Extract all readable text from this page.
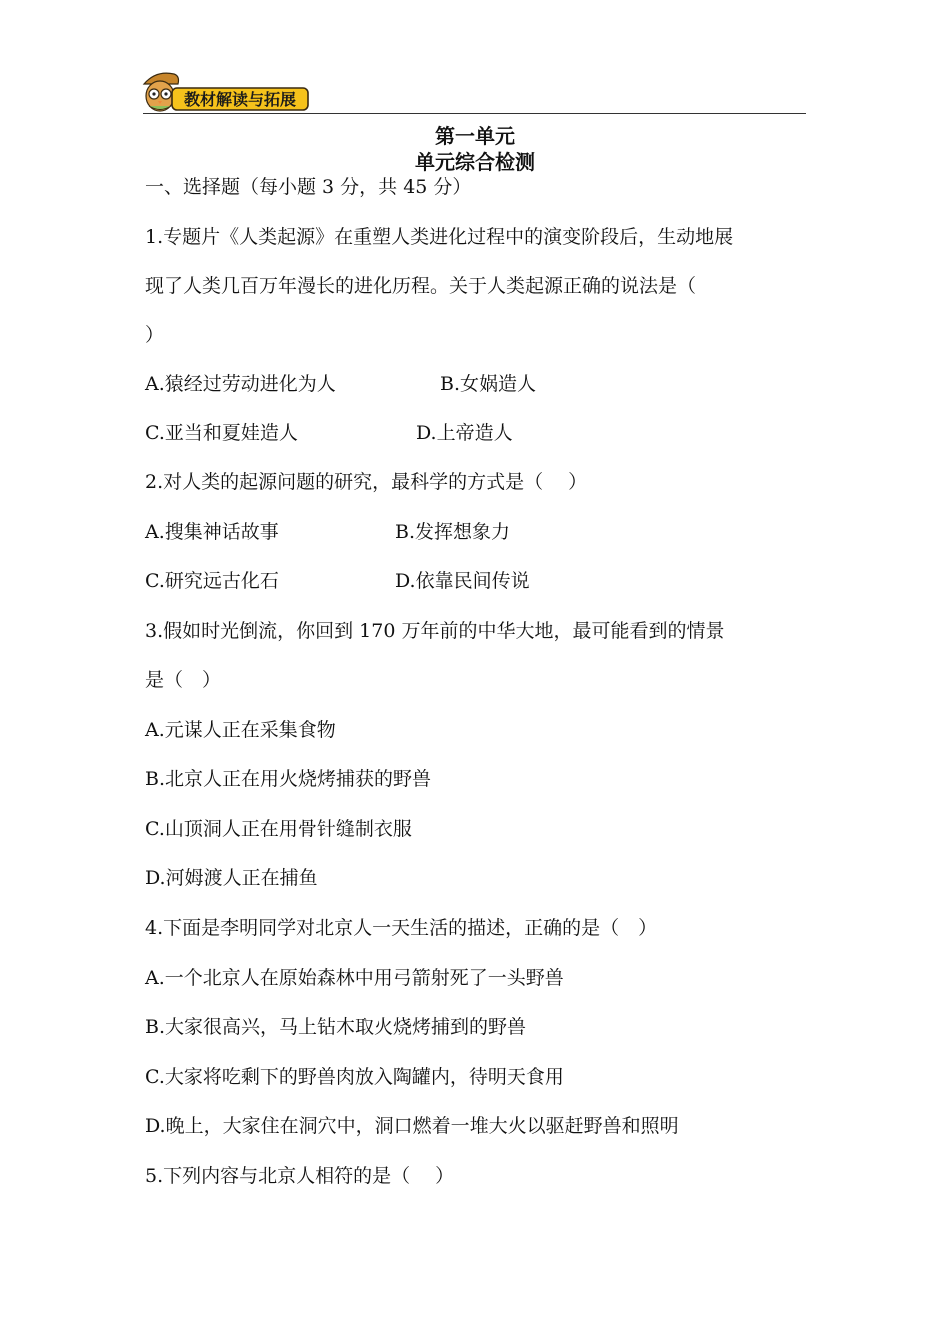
教材解读与拓展
第一单元
单元综合检测
一、选择题（每小题 3 分，共 45 分）
1.专题片《人类起源》在重塑人类进化过程中的演变阶段后，生动地展
现了人类几百万年漫长的进化历程。关于人类起源正确的说法是（
）
A.猿经过劳动进化为人	B.女娲造人
C.亚当和夏娃造人	D.上帝造人
2.对人类的起源问题的研究，最科学的方式是（　 ）
A.搜集神话故事	B.发挥想象力
C.研究远古化石	D.依靠民间传说
3.假如时光倒流，你回到 170 万年前的中华大地，最可能看到的情景
是（　）
A.元谋人正在采集食物
B.北京人正在用火烧烤捕获的野兽
C.山顶洞人正在用骨针缝制衣服
D.河姆渡人正在捕鱼
4.下面是李明同学对北京人一天生活的描述，正确的是（　）
A.一个北京人在原始森林中用弓箭射死了一头野兽
B.大家很高兴，马上钻木取火烧烤捕到的野兽
C.大家将吃剩下的野兽肉放入陶罐内，待明天食用
D.晚上，大家住在洞穴中，洞口燃着一堆大火以驱赶野兽和照明
5.下列内容与北京人相符的是（　 ）
